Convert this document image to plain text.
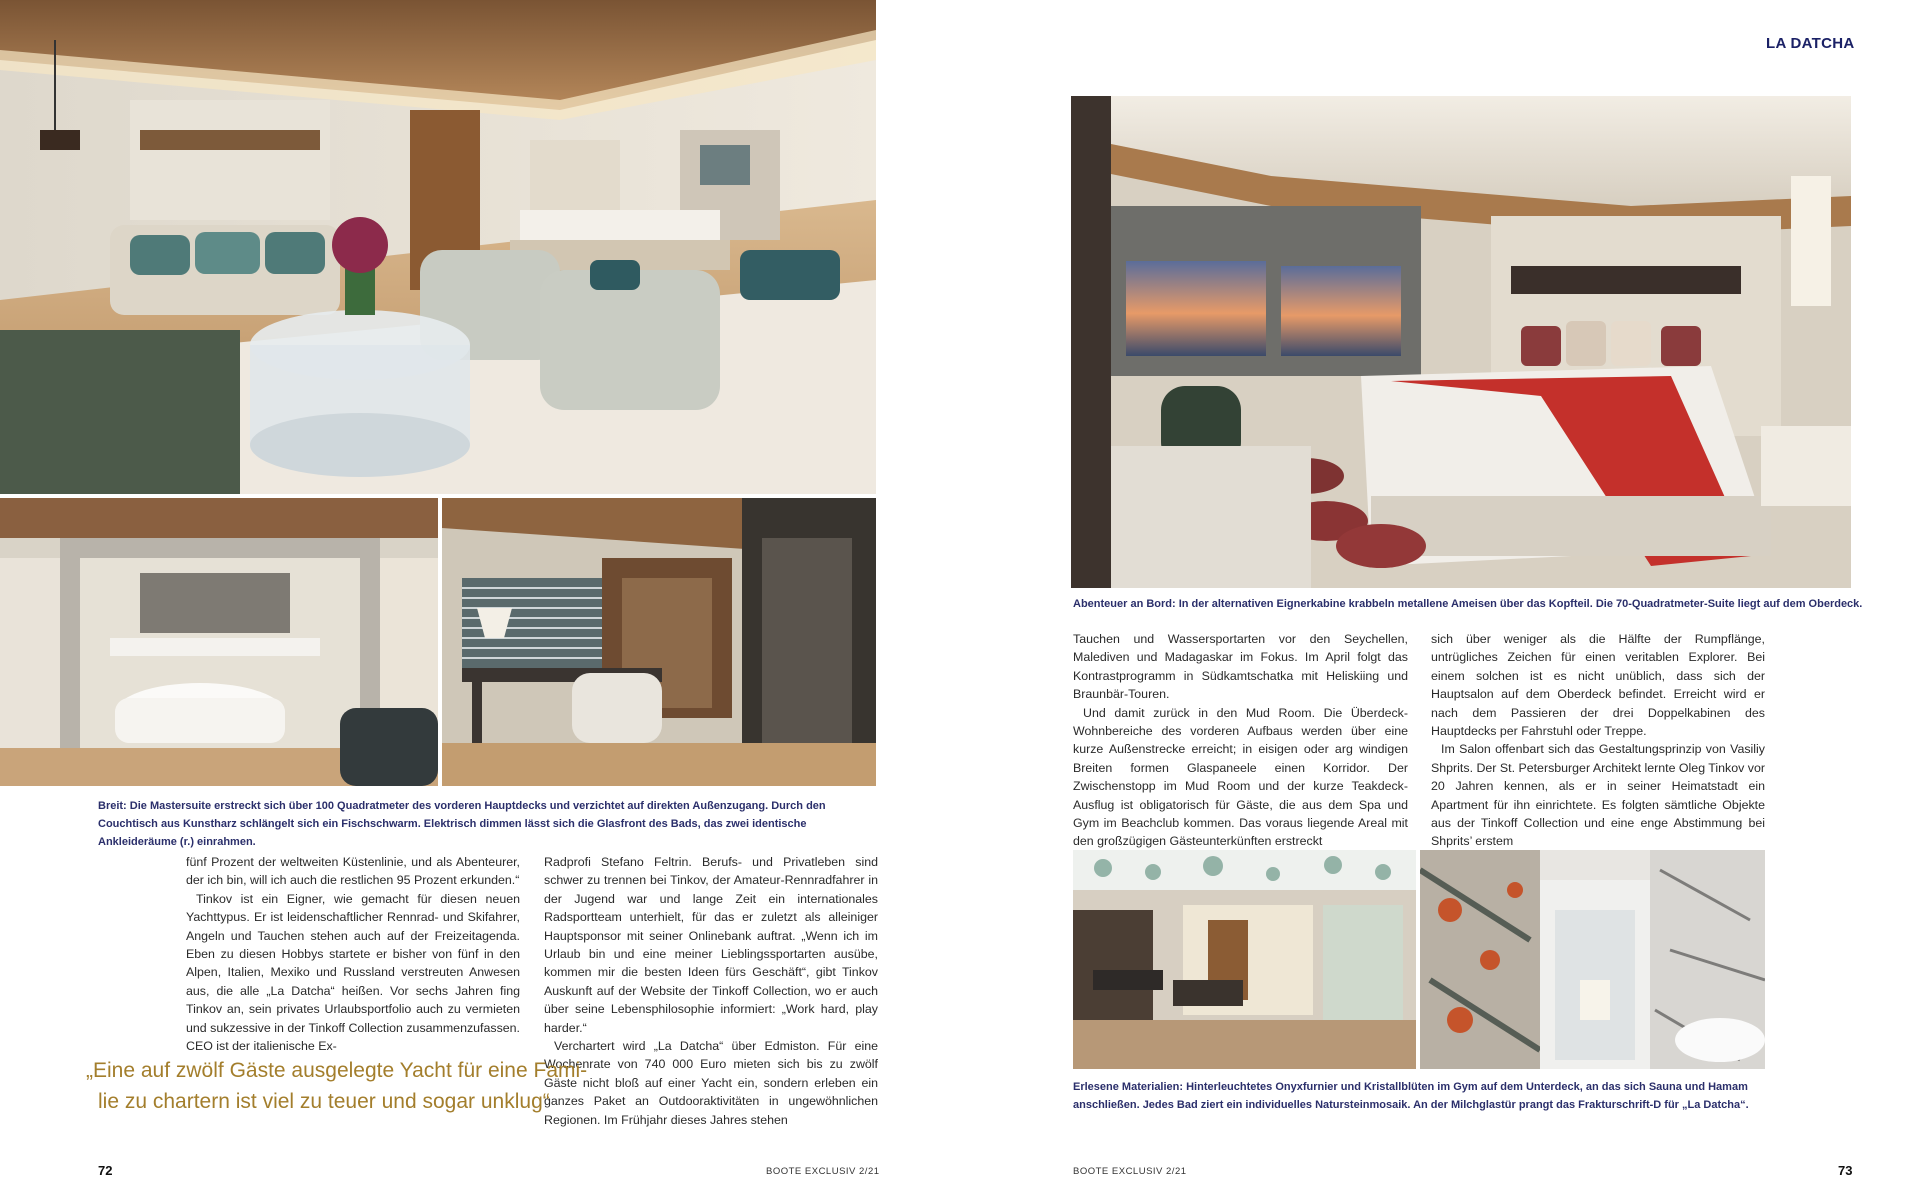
Breit: Die Mastersuite erstreckt sich über 100 Quadratmeter des vorderen Hauptdecks und verzichtet auf direkten Außenzugang. Durch den Couchtisch aus Kunstharz schlängelt sich ein Fischschwarm. Elektrisch dimmen lässt sich die Glasfront des Bads, das zwei identische Ankleideräume (r.) einrahmen.

fünf Prozent der weltweiten Küstenlinie, und als Abenteurer, der ich bin, will ich auch die restlichen 95 Prozent erkunden.“

Tinkov ist ein Eigner, wie gemacht für diesen neuen Yachttypus. Er ist leidenschaftlicher Rennrad- und Skifahrer, Angeln und Tauchen stehen auch auf der Freizeitagenda. Eben zu diesen Hobbys startete er bisher von fünf in den Alpen, Italien, Mexiko und Russland verstreuten Anwesen aus, die alle „La Datcha“ heißen. Vor sechs Jahren fing Tinkov an, sein privates Urlaubsportfolio auch zu vermieten und sukzessive in der Tinkoff Collection zusammenzufassen. CEO ist der italienische Ex-

Radprofi Stefano Feltrin. Berufs- und Privatleben sind schwer zu trennen bei Tinkov, der Amateur-Rennradfahrer in der Jugend war und lange Zeit ein internationales Radsportteam unterhielt, für das er zuletzt als alleiniger Hauptsponsor mit seiner Onlinebank auftrat. „Wenn ich im Urlaub bin und eine meiner Lieblingssportarten ausübe, kommen mir die besten Ideen fürs Geschäft“, gibt Tinkov Auskunft auf der Website der Tinkoff Collection, wo er auch über seine Lebensphilosophie informiert: „Work hard, play harder.“

Verchartert wird „La Datcha“ über Edmiston. Für eine Wochenrate von 740 000 Euro mieten sich bis zu zwölf Gäste nicht bloß auf einer Yacht ein, sondern erleben ein ganzes Paket an Outdooraktivitäten in ungewöhnlichen Regionen. Im Frühjahr dieses Jahres stehen

„Eine auf zwölf Gäste ausgelegte Yacht für eine Fami-
lie zu chartern ist viel zu teuer und sogar unklug“
72	BOOTE EXCLUSIV 2/21
LA DATCHA
Abenteuer an Bord: In der alternativen Eignerkabine krabbeln metallene Ameisen über das Kopfteil. Die 70-Quadratmeter-Suite liegt auf dem Oberdeck.

Tauchen und Wassersportarten vor den Seychellen, Malediven und Madagaskar im Fokus. Im April folgt das Kontrastprogramm in Südkamtschatka mit Heliskiing und Braunbär-Touren.

Und damit zurück in den Mud Room. Die Überdeck-Wohnbereiche des vorderen Aufbaus werden über eine kurze Außenstrecke erreicht; in eisigen oder arg windigen Breiten formen Glaspaneele einen Korridor. Der Zwischenstopp im Mud Room und der kurze Teakdeck-Ausflug ist obligatorisch für Gäste, die aus dem Spa und Gym im Beachclub kommen. Das voraus liegende Areal mit den großzügigen Gästeunterkünften erstreckt

sich über weniger als die Hälfte der Rumpflänge, untrügliches Zeichen für einen veritablen Explorer. Bei einem solchen ist es nicht unüblich, dass sich der Hauptsalon auf dem Oberdeck befindet. Erreicht wird er nach dem Passieren der drei Doppelkabinen des Hauptdecks per Fahrstuhl oder Treppe.

Im Salon offenbart sich das Gestaltungsprinzip von Vasiliy Shprits. Der St. Petersburger Architekt lernte Oleg Tinkov vor 20 Jahren kennen, als er in seiner Heimatstadt ein Apartment für ihn einrichtete. Es folgten sämtliche Objekte aus der Tinkoff Collection und eine enge Abstimmung bei Shprits’ erstem

Erlesene Materialien: Hinterleuchtetes Onyxfurnier und Kristallblüten im Gym auf dem Unterdeck, an das sich Sauna und Hamam anschließen. Jedes Bad ziert ein individuelles Natursteinmosaik. An der Milchglastür prangt das Frakturschrift-D für „La Datcha“.
BOOTE EXCLUSIV 2/21	73
